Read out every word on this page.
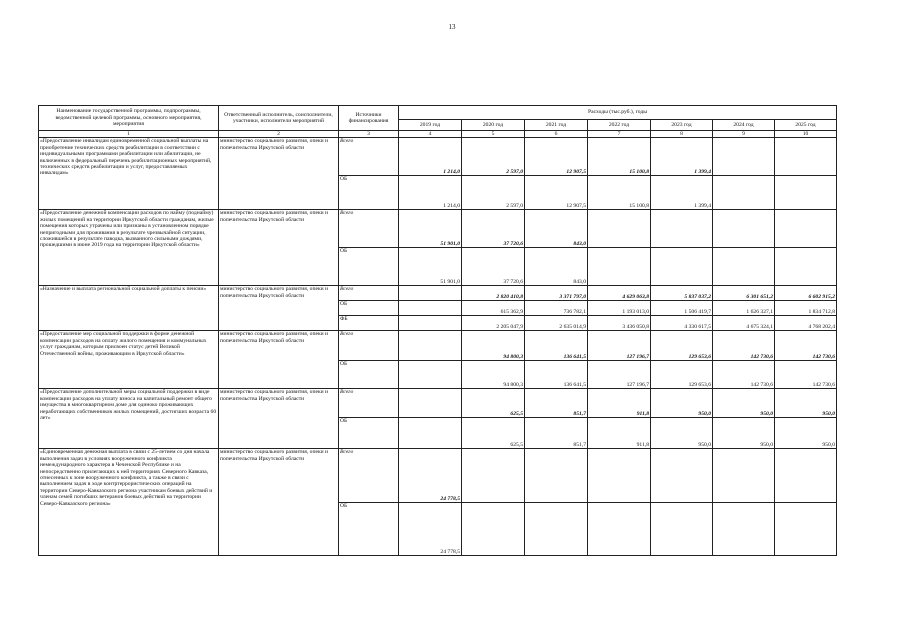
13
Наименование государственной программы, подпрограммы, ведомственной целевой программы, основного мероприятия, мероприятия	Ответственный исполнитель, соисполнители, участники, исполнители мероприятий	Источники финансирования	Расходы (тыс.руб.), годы						
			2019 год	2020 год	2021 год	2022 год	2023 год	2024 год	2025 год
1	2	3	4	5	6	7	8	9	10

«Предоставление инвалидам единовременной социальной выплаты на приобретение технических средств реабилитации в соответствии с индивидуальными программами реабилитации или абилитации, не включенных в федеральный перечень реабилитационных мероприятий, технических средств реабилитации и услуг, предоставляемых инвалидам»	министерство социального развития, опеки и попечительства Иркутской области	Всего	1 214,0	2 597,0	12 907,5	15 100,8	1 399,4		
		ОБ	1 214,0	2 597,0	12 907,5	15 100,8	1 399,4		

«Предоставление денежной компенсации расходов по найму (поднайму) жилых помещений на территории Иркутской области гражданам, жилые помещения которых утрачены или признаны в установленном порядке непригодными для проживания в результате чрезвычайной ситуации, сложившейся в результате паводка, вызванного сильными дождями, прошедшими в июне 2019 года на территории Иркутской области»	министерство социального развития, опеки и попечительства Иркутской области	Всего	51 901,0	37 720,6	843,0				
		ОБ	51 901,0	37 720,6	843,0				
«Назначение и выплата региональной социальной доплаты к пенсии»	министерство социального развития, опеки и попечительства Иркутской области	Всего		2 820 410,8	3 371 797,0	4 629 063,8	5 837 037,2	6 301 651,2	6 602 915,2
		ОБ		615 362,9	736 782,1	1 193 013,0	1 506 419,7	1 626 327,1	1 834 712,8
		ФБ		2 205 047,9	2 635 014,9	3 436 050,8	4 330 617,5	4 675 324,1	4 768 202,4
«Предоставление мер социальной поддержки в форме денежной компенсации расходов на оплату жилого помещения и коммунальных услуг гражданам, которым присвоен статус детей Великой Отечественной войны, проживающим в Иркутской области»	министерство социального развития, опеки и попечительства Иркутской области	Всего		94 800,3	136 641,5	127 196,7	129 653,6	142 730,6	142 730,6
		ОБ		94 800,3	136 641,5	127 196,7	129 653,6	142 730,6	142 730,6
«Предоставление дополнительной меры социальной поддержки в виде компенсации расходов на уплату взноса на капитальный ремонт общего имущества в многоквартирном доме для одиноко проживающих неработающих собственников жилых помещений, достигших возраста 60 лет»	министерство социального развития, опеки и попечительства Иркутской области	Всего		625,5	851,7	911,8	950,0	950,0	950,0
		ОБ		625,5	851,7	911,8	950,0	950,0	950,0
«Единовременная денежная выплата в связи с 25-летием со дня начала выполнения задач в условиях вооруженного конфликта немеждународного характера в Чеченской Республике и на непосредственно прилегающих к ней территориях Северного Кавказа, отнесенных к зоне вооруженного конфликта, а также в связи с выполнением задач в ходе контртеррористических операций на территории Северо-Кавказского региона участникам боевых действий и членам семей погибших ветеранов боевых действий на территории Северо-Кавказского региона»	министерство социального развития, опеки и попечительства Иркутской области	Всего	24 778,5						
		ОБ	24 778,5						
